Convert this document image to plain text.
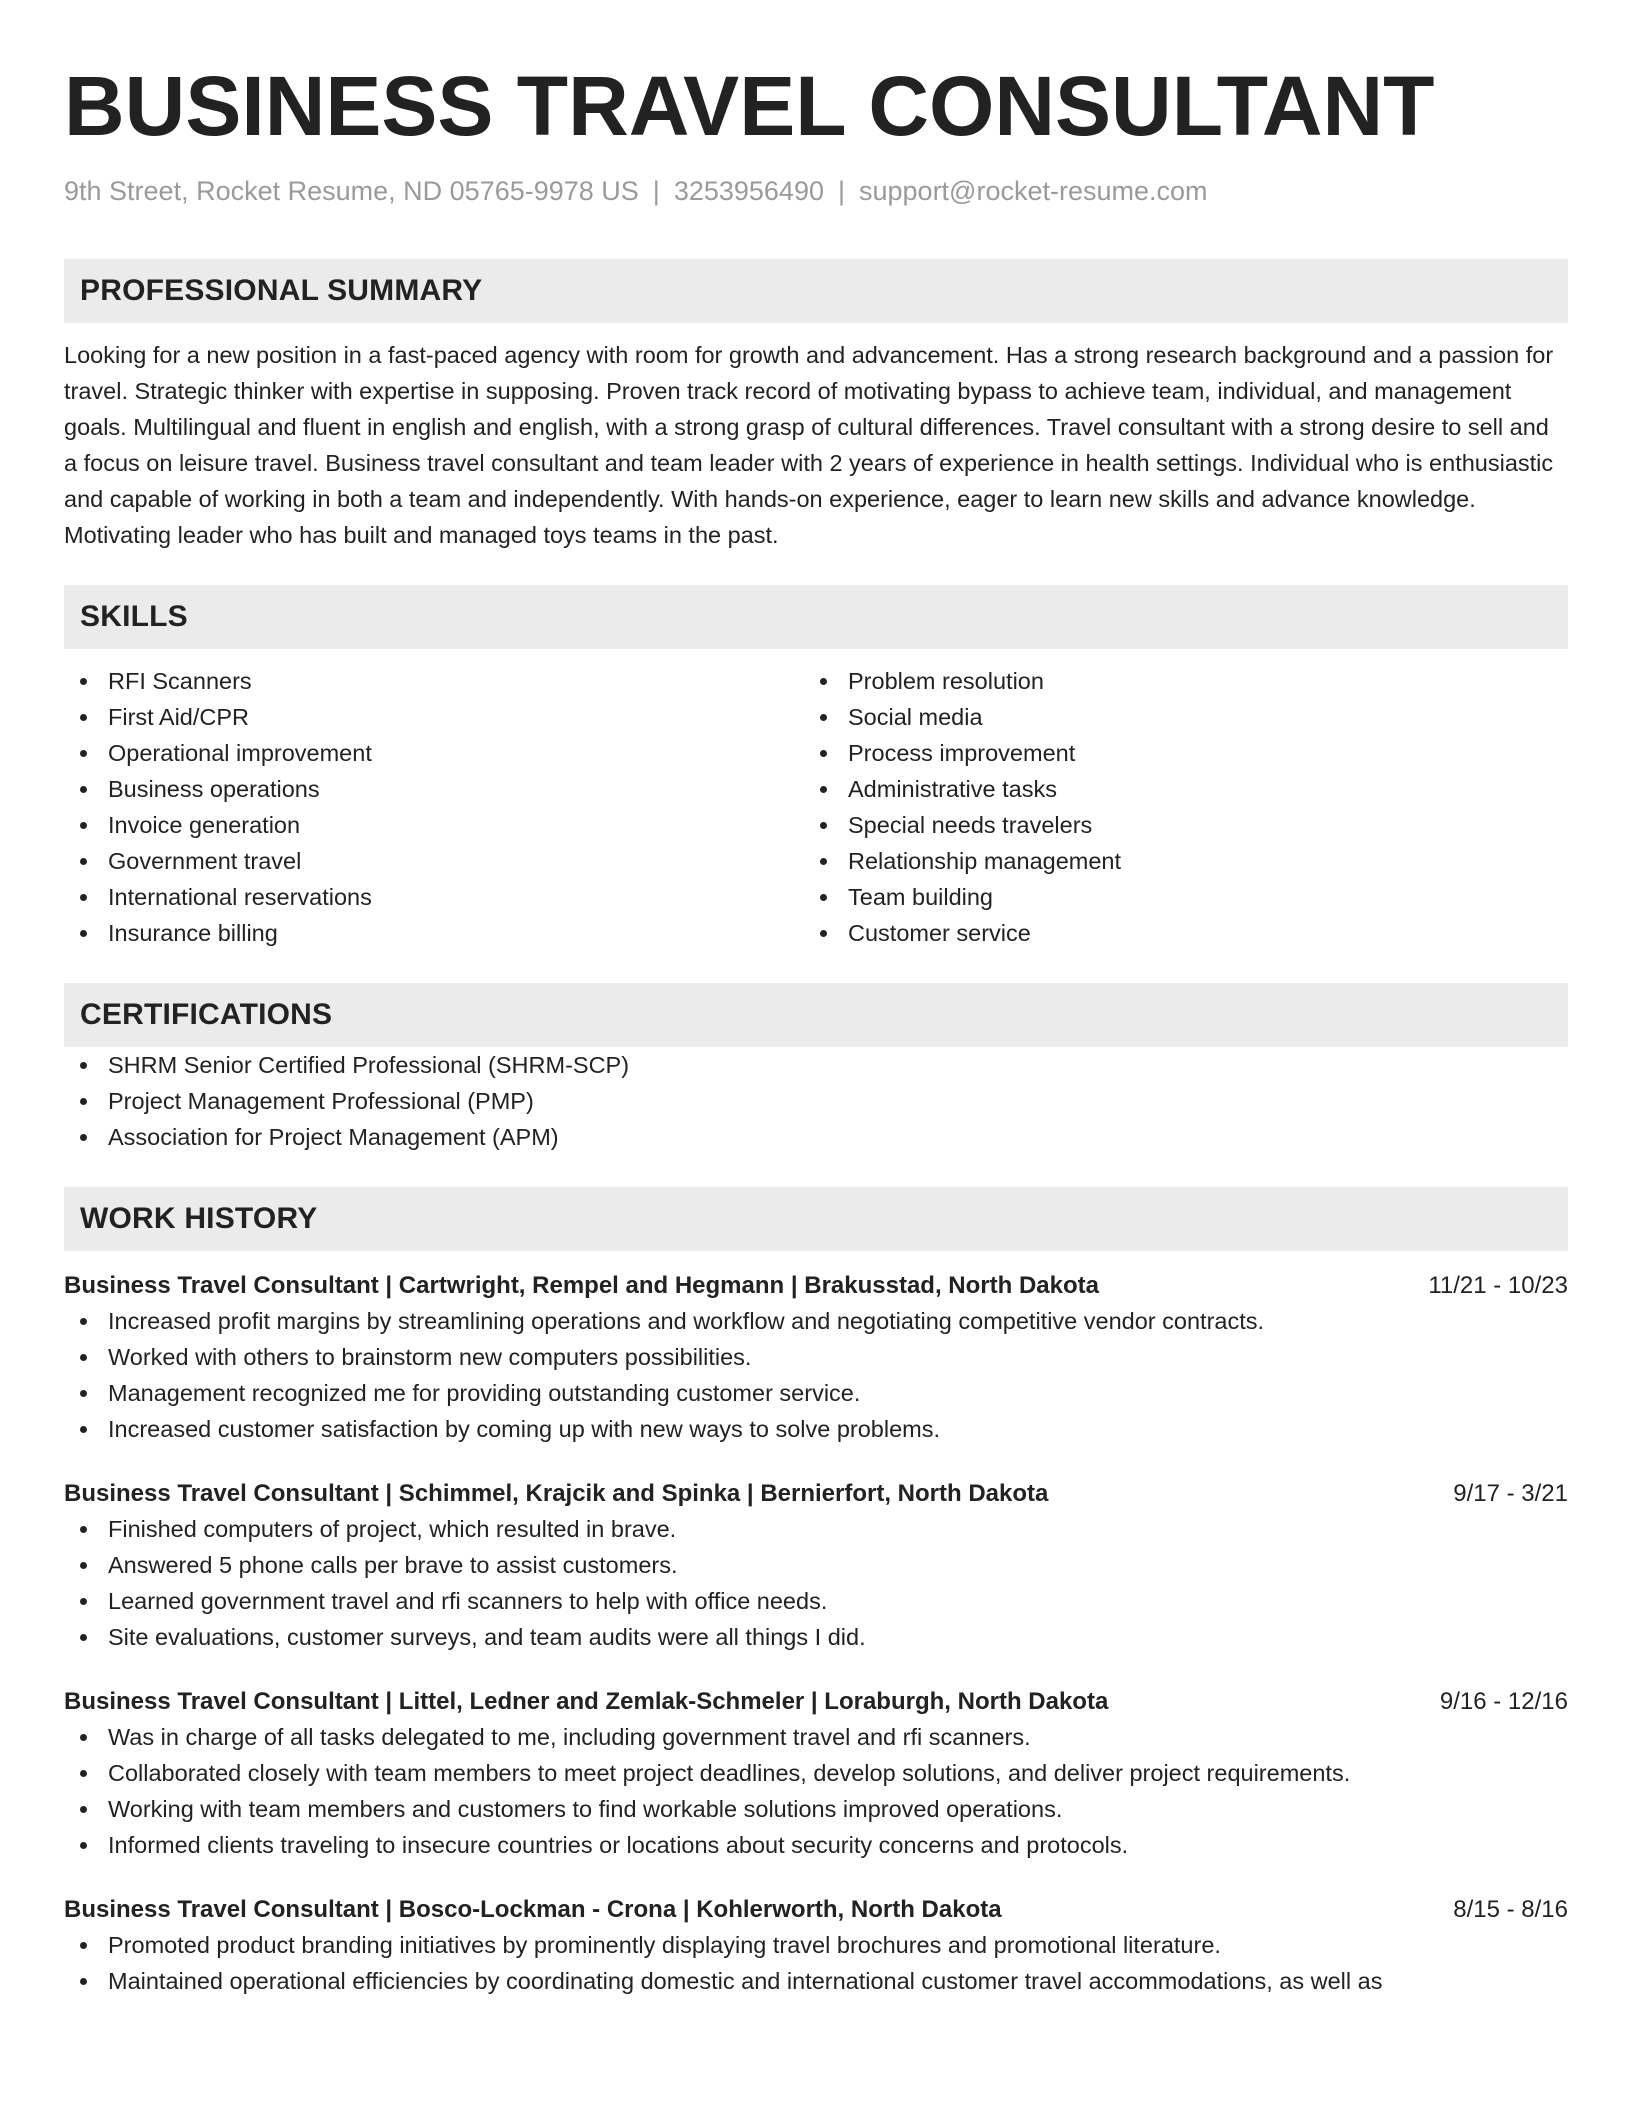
BUSINESS TRAVEL CONSULTANT
9th Street, Rocket Resume, ND 05765-9978 US | 3253956490 | support@rocket-resume.com
PROFESSIONAL SUMMARY

Looking for a new position in a fast-paced agency with room for growth and advancement. Has a strong research background and a passion for travel. Strategic thinker with expertise in supposing. Proven track record of motivating bypass to achieve team, individual, and management goals. Multilingual and fluent in english and english, with a strong grasp of cultural differences. Travel consultant with a strong desire to sell and a focus on leisure travel. Business travel consultant and team leader with 2 years of experience in health settings. Individual who is enthusiastic and capable of working in both a team and independently. With hands-on experience, eager to learn new skills and advance knowledge. Motivating leader who has built and managed toys teams in the past.

SKILLS
RFI Scanners
First Aid/CPR
Operational improvement
Business operations
Invoice generation
Government travel
International reservations
Insurance billing
Problem resolution
Social media
Process improvement
Administrative tasks
Special needs travelers
Relationship management
Team building
Customer service
CERTIFICATIONS
SHRM Senior Certified Professional (SHRM-SCP)
Project Management Professional (PMP)
Association for Project Management (APM)
WORK HISTORY
Business Travel Consultant | Cartwright, Rempel and Hegmann | Brakusstad, North Dakota	11/21 - 10/23
Increased profit margins by streamlining operations and workflow and negotiating competitive vendor contracts.
Worked with others to brainstorm new computers possibilities.
Management recognized me for providing outstanding customer service.
Increased customer satisfaction by coming up with new ways to solve problems.
Business Travel Consultant | Schimmel, Krajcik and Spinka | Bernierfort, North Dakota	9/17 - 3/21
Finished computers of project, which resulted in brave.
Answered 5 phone calls per brave to assist customers.
Learned government travel and rfi scanners to help with office needs.
Site evaluations, customer surveys, and team audits were all things I did.
Business Travel Consultant | Littel, Ledner and Zemlak-Schmeler | Loraburgh, North Dakota	9/16 - 12/16
Was in charge of all tasks delegated to me, including government travel and rfi scanners.
Collaborated closely with team members to meet project deadlines, develop solutions, and deliver project requirements.
Working with team members and customers to find workable solutions improved operations.
Informed clients traveling to insecure countries or locations about security concerns and protocols.
Business Travel Consultant | Bosco-Lockman - Crona | Kohlerworth, North Dakota	8/15 - 8/16
Promoted product branding initiatives by prominently displaying travel brochures and promotional literature.
Maintained operational efficiencies by coordinating domestic and international customer travel accommodations, as well as
